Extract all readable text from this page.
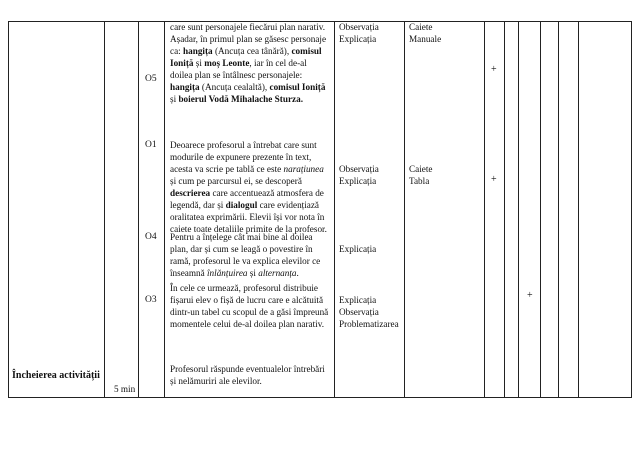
Încheierea activității
5 min
O5
O1
O4
O3
care sunt personajele fiecărui plan narativ.
Așadar, în primul plan se găsesc personaje
ca: hangița (Ancuța cea tânără), comisul
Ioniță și moș Leonte, iar în cel de-al
doilea plan se întâlnesc personajele:
hangița (Ancuța cealaltă), comisul Ioniță
și boierul Vodă Mihalache Sturza.
Deoarece profesorul a întrebat care sunt
modurile de expunere prezente în text,
acesta va scrie pe tablă ce este narațiunea
și cum pe parcursul ei, se descoperă
descrierea care accentuează atmosfera de
legendă, dar și dialogul care evidențiază
oralitatea exprimării. Elevii își vor nota în
caiete toate detaliile primite de la profesor.
Pentru a înțelege cât mai bine al doilea
plan, dar și cum se leagă o povestire în
ramă, profesorul le va explica elevilor ce
înseamnă înlănțuirea și alternanța.
În cele ce urmează, profesorul distribuie
fișarui elev o fișă de lucru care e alcătuită
dintr-un tabel cu scopul de a găsi împreună
momentele celui de-al doilea plan narativ.
Profesorul răspunde eventualelor întrebări
și nelămuriri ale elevilor.
Observația
Explicația
Observația
Explicația
Explicația
Explicația
Observația
Problematizarea
Caiete
Manuale
Caiete
Tabla
+
+
+
